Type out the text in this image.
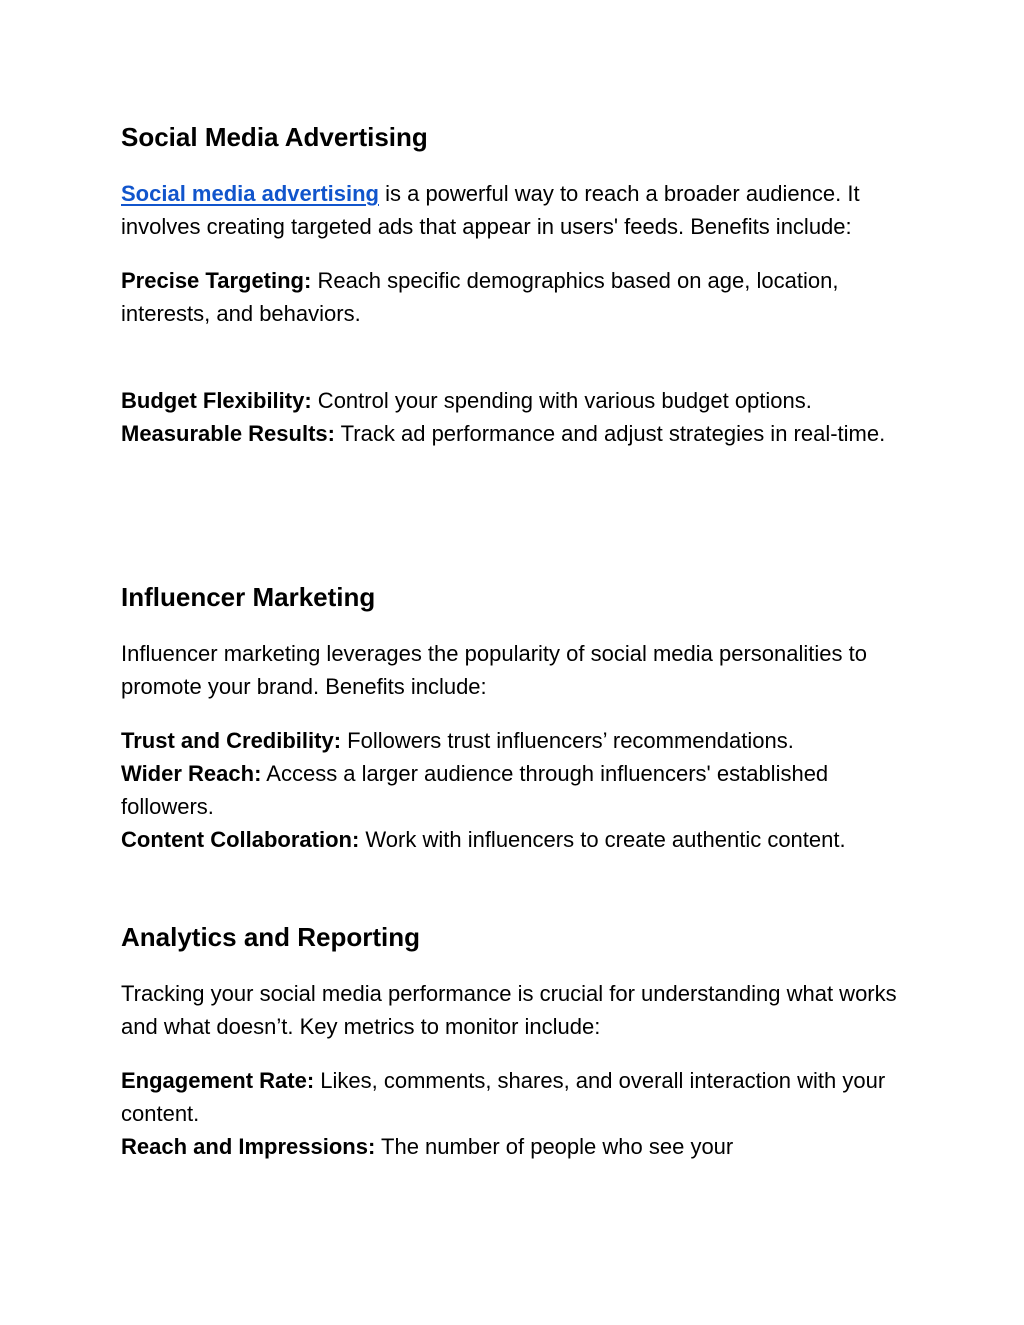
Social Media Advertising

Social media advertising is a powerful way to reach a broader audience. It involves creating targeted ads that appear in users' feeds. Benefits include:

Precise Targeting: Reach specific demographics based on age, location, interests, and behaviors.

Budget Flexibility: Control your spending with various budget options.

Measurable Results: Track ad performance and adjust strategies in real-time.

Influencer Marketing

Influencer marketing leverages the popularity of social media personalities to promote your brand. Benefits include:

Trust and Credibility: Followers trust influencers’ recommendations.

Wider Reach: Access a larger audience through influencers' established followers.

Content Collaboration: Work with influencers to create authentic content.

Analytics and Reporting

Tracking your social media performance is crucial for understanding what works and what doesn’t. Key metrics to monitor include:

Engagement Rate: Likes, comments, shares, and overall interaction with your content.

Reach and Impressions: The number of people who see your
